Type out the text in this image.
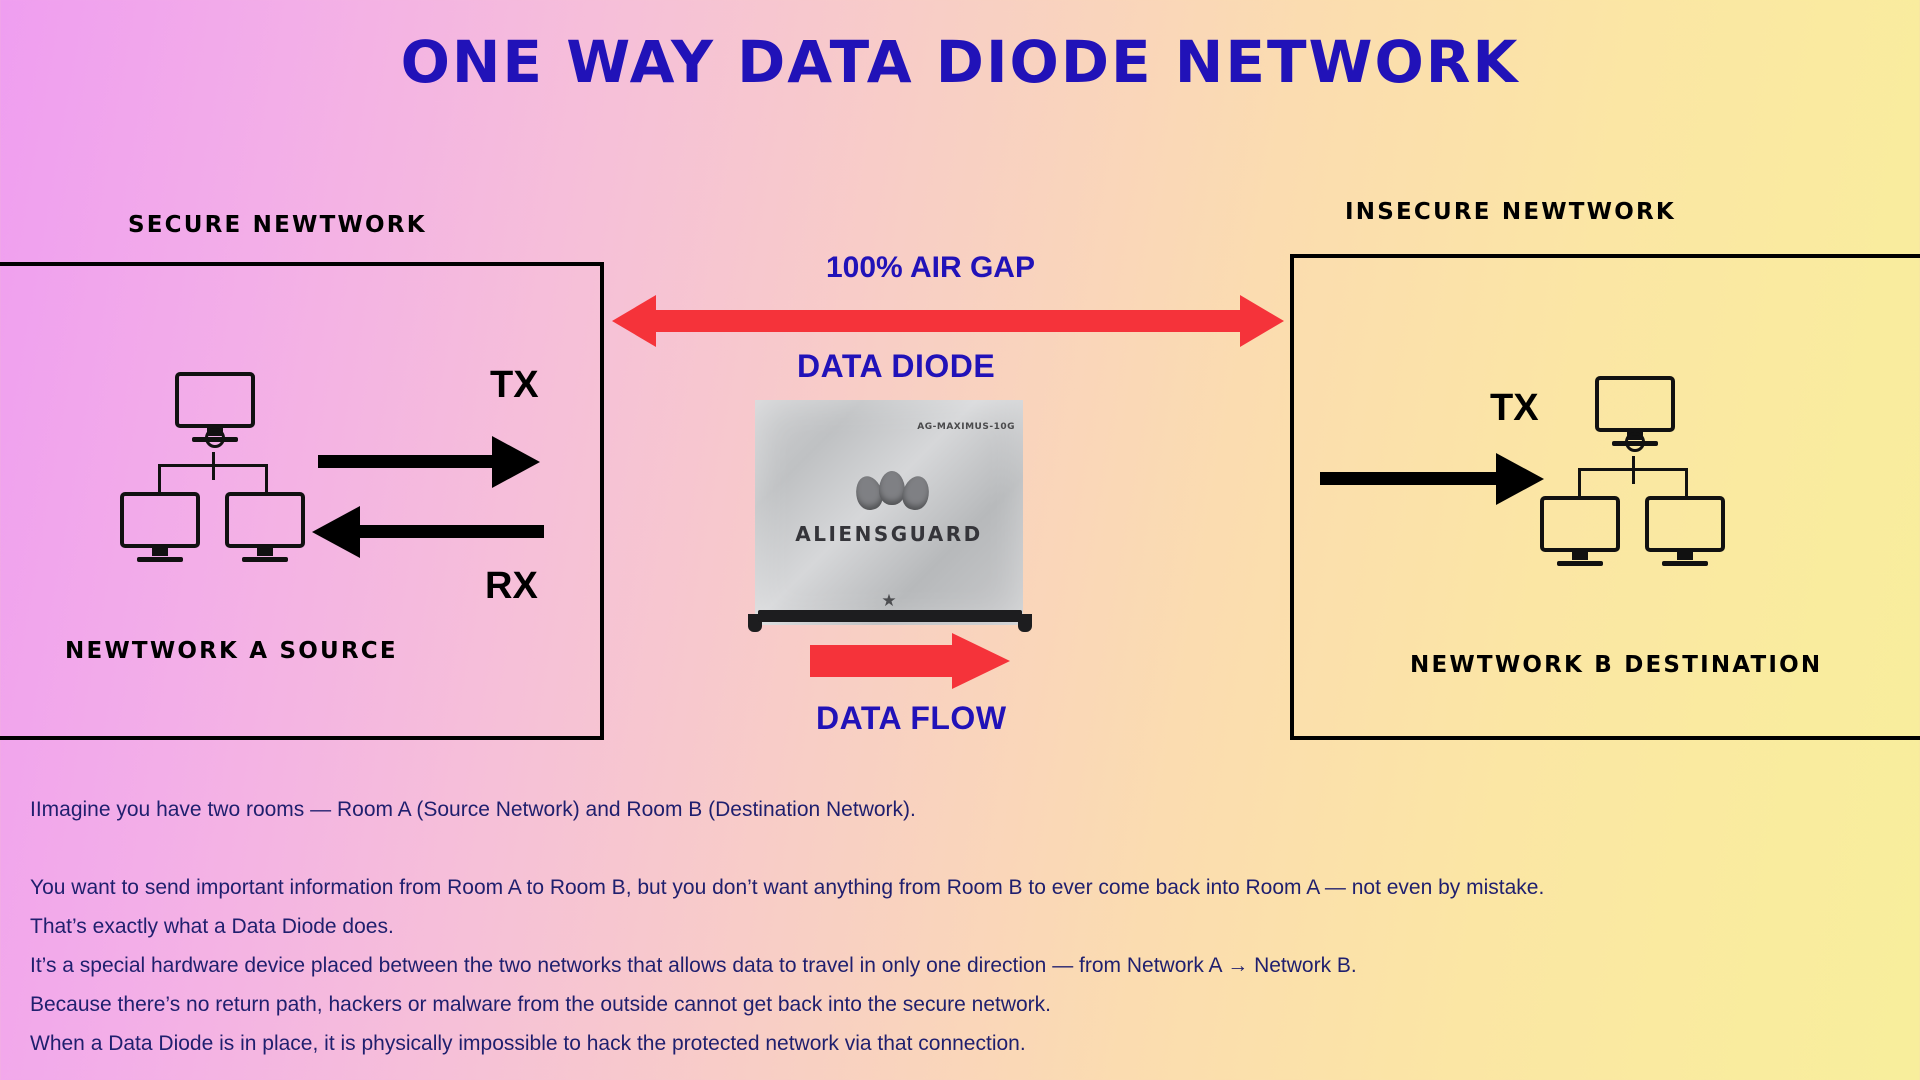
ONE WAY DATA DIODE NETWORK
SECURE NEWTWORK
TX
RX
NEWTWORK A SOURCE
100% AIR GAP
DATA DIODE
AG-MAXIMUS-10G
ALIENSGUARD
★
DATA FLOW
INSECURE NEWTWORK
TX
NEWTWORK B DESTINATION

IImagine you have two rooms — Room A (Source Network) and Room B (Destination Network).

You want to send important information from Room A to Room B, but you don’t want anything from Room B to ever come back into Room A — not even by mistake.

That’s exactly what a Data Diode does.

It’s a special hardware device placed between the two networks that allows data to travel in only one direction — from Network A → Network B.

Because there’s no return path, hackers or malware from the outside cannot get back into the secure network.

When a Data Diode is in place, it is physically impossible to hack the protected network via that connection.
